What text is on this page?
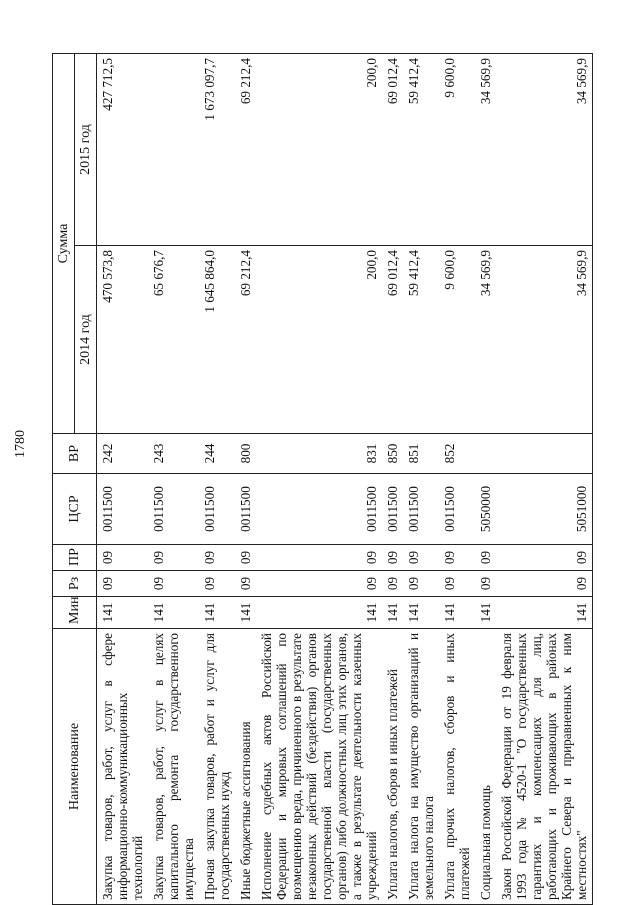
1780
Наименование	Мин	Рз	ПР	ЦСР	ВР	Сумма	
						2014 год	2015 год
Закупка товаров, работ, услуг в сфере информационно-коммуникационных технологий	141	09	09	0011500	242	470 573,8	427 712,5
Закупка товаров, работ, услуг в целях капитального ремонта государственного имущества	141	09	09	0011500	243	65 676,7	
Прочая закупка товаров, работ и услуг для государственных нужд	141	09	09	0011500	244	1 645 864,0	1 673 097,7
Иные бюджетные ассигнования	141	09	09	0011500	800	69 212,4	69 212,4
Исполнение судебных актов Российской Федерации и мировых соглашений по возмещению вреда, причиненного в результате незаконных действий (бездействия) органов государственной власти (государственных органов) либо должностных лиц этих органов, а также в результате деятельности казенных учреждений	141	09	09	0011500	831	200,0	200,0
Уплата налогов, сборов и иных платежей	141	09	09	0011500	850	69 012,4	69 012,4
Уплата налога на имущество организаций и земельного налога	141	09	09	0011500	851	59 412,4	59 412,4
Уплата прочих налогов, сборов и иных платежей	141	09	09	0011500	852	9 600,0	9 600,0
Социальная помощь	141	09	09	5050000		34 569,9	34 569,9
Закон Российской Федерации от 19 февраля 1993 года № 4520-1 "О государственных гарантиях и компенсациях для лиц, работающих и проживающих в районах Крайнего Севера и приравненных к ним местностях"	141	09	09	5051000		34 569,9	34 569,9
